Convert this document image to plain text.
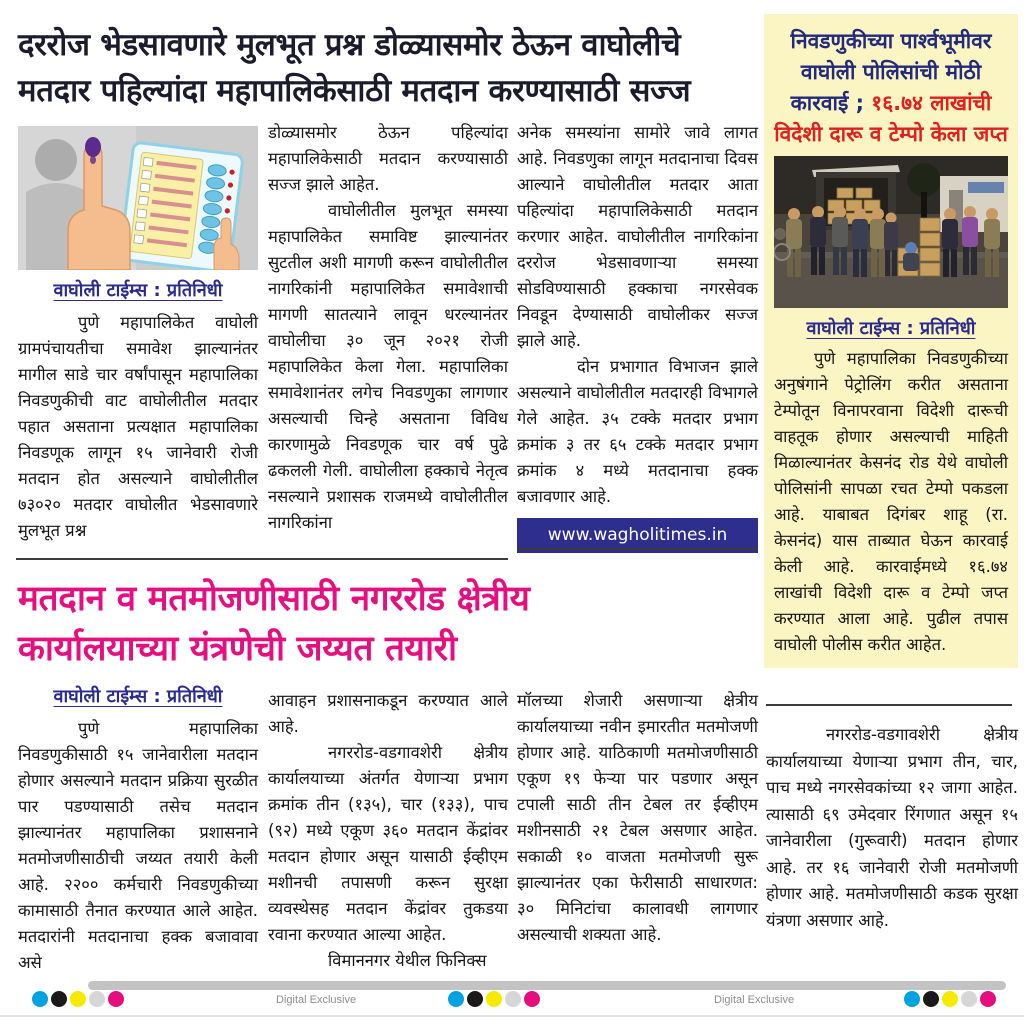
दररोज भेडसावणारे मुलभूत प्रश्न डोळ्यासमोर ठेऊन वाघोलीचे
मतदार पहिल्यांदा महापालिकेसाठी मतदान करण्यासाठी सज्ज
वाघोली टाईम्स : प्रतिनिधी

पुणे महापालिकेत वाघोली ग्रामपंचायतीचा समावेश झाल्यानंतर मागील साडे चार वर्षांपासून महापालिका निवडणुकीची वाट वाघोलीतील मतदार पहात असताना प्रत्यक्षात महापालिका निवडणूक लागून १५ जानेवारी रोजी मतदान होत असल्याने वाघोलीतील ७३०२० मतदार वाघोलीत भेडसावणारे मुलभूत प्रश्न

डोळ्यासमोर ठेऊन पहिल्यांदा महापालिकेसाठी मतदान करण्यासाठी सज्ज झाले आहेत.

वाघोलीतील मुलभूत समस्या महापालिकेत समाविष्ट झाल्यानंतर सुटतील अशी मागणी करून वाघोलीतील नागरिकांनी महापालिकेत समावेशाची मागणी सातत्याने लावून धरल्यानंतर वाघोलीचा ३० जून २०२१ रोजी महापालिकेत केला गेला. महापालिका समावेशानंतर लगेच निवडणुका लागणार असल्याची चिन्हे असताना विविध कारणामुळे निवडणूक चार वर्ष पुढे ढकलली गेली. वाघोलीला हक्काचे नेतृत्व नसल्याने प्रशासक राजमध्ये वाघोलीतील नागरिकांना

अनेक समस्यांना सामोरे जावे लागत आहे. निवडणुका लागून मतदानाचा दिवस आल्याने वाघोलीतील मतदार आता पहिल्यांदा महापालिकेसाठी मतदान करणार आहेत. वाघोलीतील नागरिकांना दररोज भेडसावणाऱ्या समस्या सोडविण्यासाठी हक्काचा नगरसेवक निवडून देण्यासाठी वाघोलीकर सज्ज झाले आहे.

दोन प्रभागात विभाजन झाले असल्याने वाघोलीतील मतदारही विभागले गेले आहेत. ३५ टक्के मतदार प्रभाग क्रमांक ३ तर ६५ टक्के मतदार प्रभाग क्रमांक ४ मध्ये मतदानाचा हक्क बजावणार आहे.

www.wagholitimes.in
मतदान व मतमोजणीसाठी नगररोड क्षेत्रीय
कार्यालयाच्या यंत्रणेची जय्यत तयारी
वाघोली टाईम्स : प्रतिनिधी

पुणे महापालिका निवडणुकीसाठी १५ जानेवारीला मतदान होणार असल्याने मतदान प्रक्रिया सुरळीत पार पडण्यासाठी तसेच मतदान झाल्यानंतर महापालिका प्रशासनाने मतमोजणीसाठीची जय्यत तयारी केली आहे. २२०० कर्मचारी निवडणुकीच्या कामासाठी तैनात करण्यात आले आहेत. मतदारांनी मतदानाचा हक्क बजावावा असे

आवाहन प्रशासनाकडून करण्यात आले आहे.

नगररोड-वडगावशेरी क्षेत्रीय कार्यालयाच्या अंतर्गत येणाऱ्या प्रभाग क्रमांक तीन (१३५), चार (१३३), पाच (९२) मध्ये एकूण ३६० मतदान केंद्रांवर मतदान होणार असून यासाठी ईव्हीएम मशीनची तपासणी करून सुरक्षा व्यवस्थेसह मतदान केंद्रांवर तुकडया रवाना करण्यात आल्या आहेत.

विमाननगर येथील फिनिक्स

मॉलच्या शेजारी असणाऱ्या क्षेत्रीय कार्यालयाच्या नवीन इमारतीत मतमोजणी होणार आहे. याठिकाणी मतमोजणीसाठी एकूण १९ फेऱ्या पार पडणार असून टपाली साठी तीन टेबल तर ईव्हीएम मशीनसाठी २१ टेबल असणार आहेत. सकाळी १० वाजता मतमोजणी सुरू झाल्यानंतर एका फेरीसाठी साधारणत: ३० मिनिटांचा कालावधी लागणार असल्याची शक्यता आहे.

निवडणुकीच्या पार्श्वभूमीवर वाघोली पोलिसांची मोठी कारवाई ; १६.७४ लाखांची विदेशी दारू व टेम्पो केला जप्त
वाघोली टाईम्स : प्रतिनिधी

पुणे महापालिका निवडणुकीच्या अनुषंगाने पेट्रोलिंग करीत असताना टेम्पोतून विनापरवाना विदेशी दारूची वाहतूक होणार असल्याची माहिती मिळाल्यानंतर केसनंद रोड येथे वाघोली पोलिसांनी सापळा रचत टेम्पो पकडला आहे. याबाबत दिगंबर शाहू (रा. केसनंद) यास ताब्यात घेऊन कारवाई केली आहे. कारवाईमध्ये १६.७४ लाखांची विदेशी दारू व टेम्पो जप्त करण्यात आला आहे. पुढील तपास वाघोली पोलीस करीत आहेत.

नगररोड-वडगावशेरी क्षेत्रीय कार्यालयाच्या येणाऱ्या प्रभाग तीन, चार, पाच मध्ये नगरसेवकांच्या १२ जागा आहेत. त्यासाठी ६९ उमेदवार रिंगणात असून १५ जानेवारीला (गुरूवारी) मतदान होणार आहे. तर १६ जानेवारी रोजी मतमोजणी होणार आहे. मतमोजणीसाठी कडक सुरक्षा यंत्रणा असणार आहे.

Digital Exclusive	Digital Exclusive
